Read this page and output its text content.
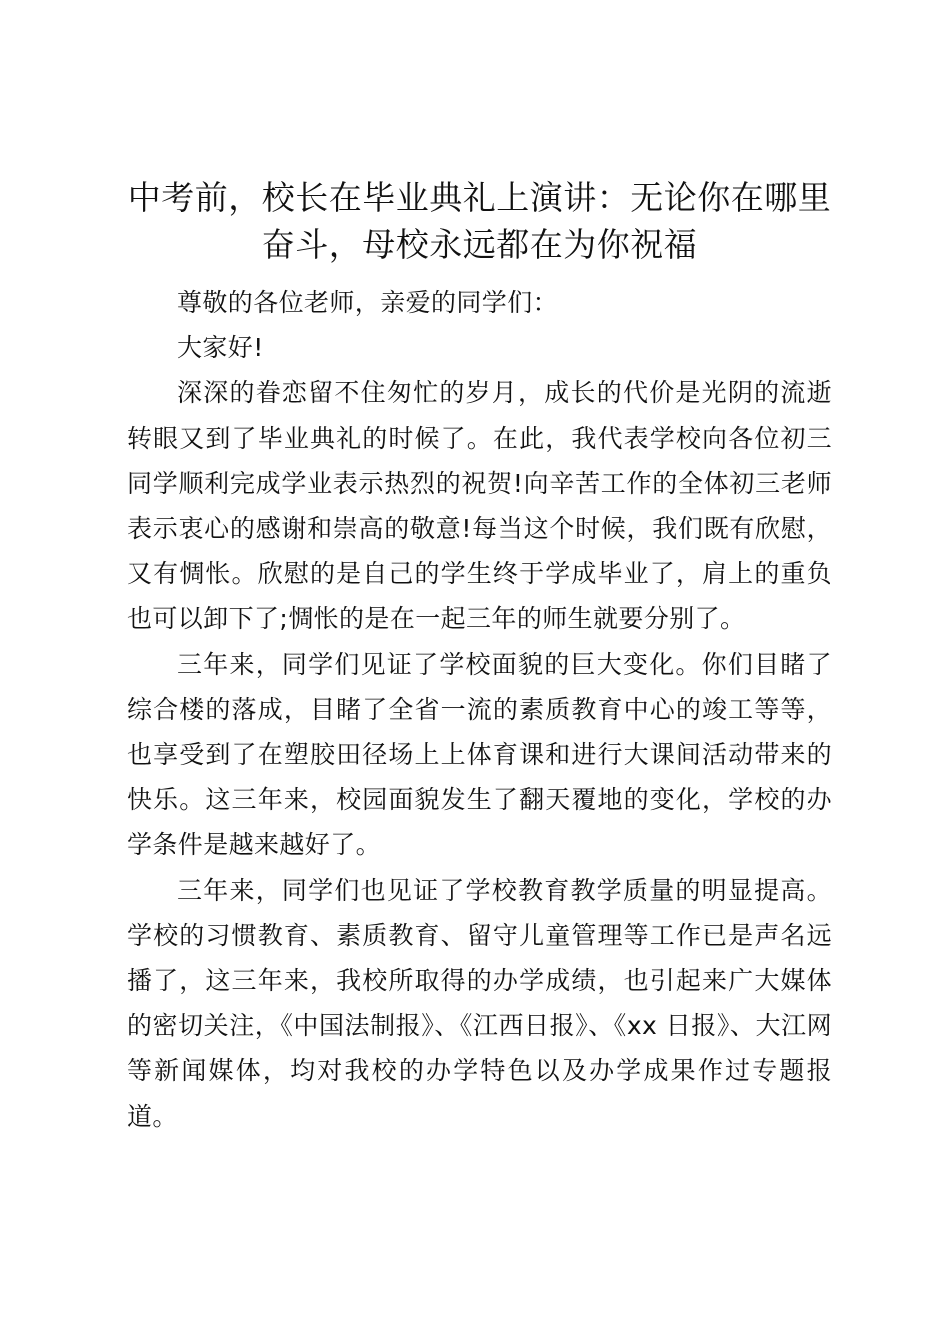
中考前，校长在毕业典礼上演讲：无论你在哪里奋斗，母校永远都在为你祝福

尊敬的各位老师，亲爱的同学们：

大家好!

深深的眷恋留不住匆忙的岁月，成长的代价是光阴的流逝转眼又到了毕业典礼的时候了。在此，我代表学校向各位初三同学顺利完成学业表示热烈的祝贺!向辛苦工作的全体初三老师表示衷心的感谢和崇高的敬意!每当这个时候，我们既有欣慰，又有惆怅。欣慰的是自己的学生终于学成毕业了，肩上的重负也可以卸下了;惆怅的是在一起三年的师生就要分别了。

三年来，同学们见证了学校面貌的巨大变化。你们目睹了综合楼的落成，目睹了全省一流的素质教育中心的竣工等等，也享受到了在塑胶田径场上上体育课和进行大课间活动带来的快乐。这三年来，校园面貌发生了翻天覆地的变化，学校的办学条件是越来越好了。

三年来，同学们也见证了学校教育教学质量的明显提高。学校的习惯教育、素质教育、留守儿童管理等工作已是声名远播了，这三年来，我校所取得的办学成绩，也引起来广大媒体的密切关注，《中国法制报》、《江西日报》、《xx 日报》、大江网等新闻媒体，均对我校的办学特色以及办学成果作过专题报道。
